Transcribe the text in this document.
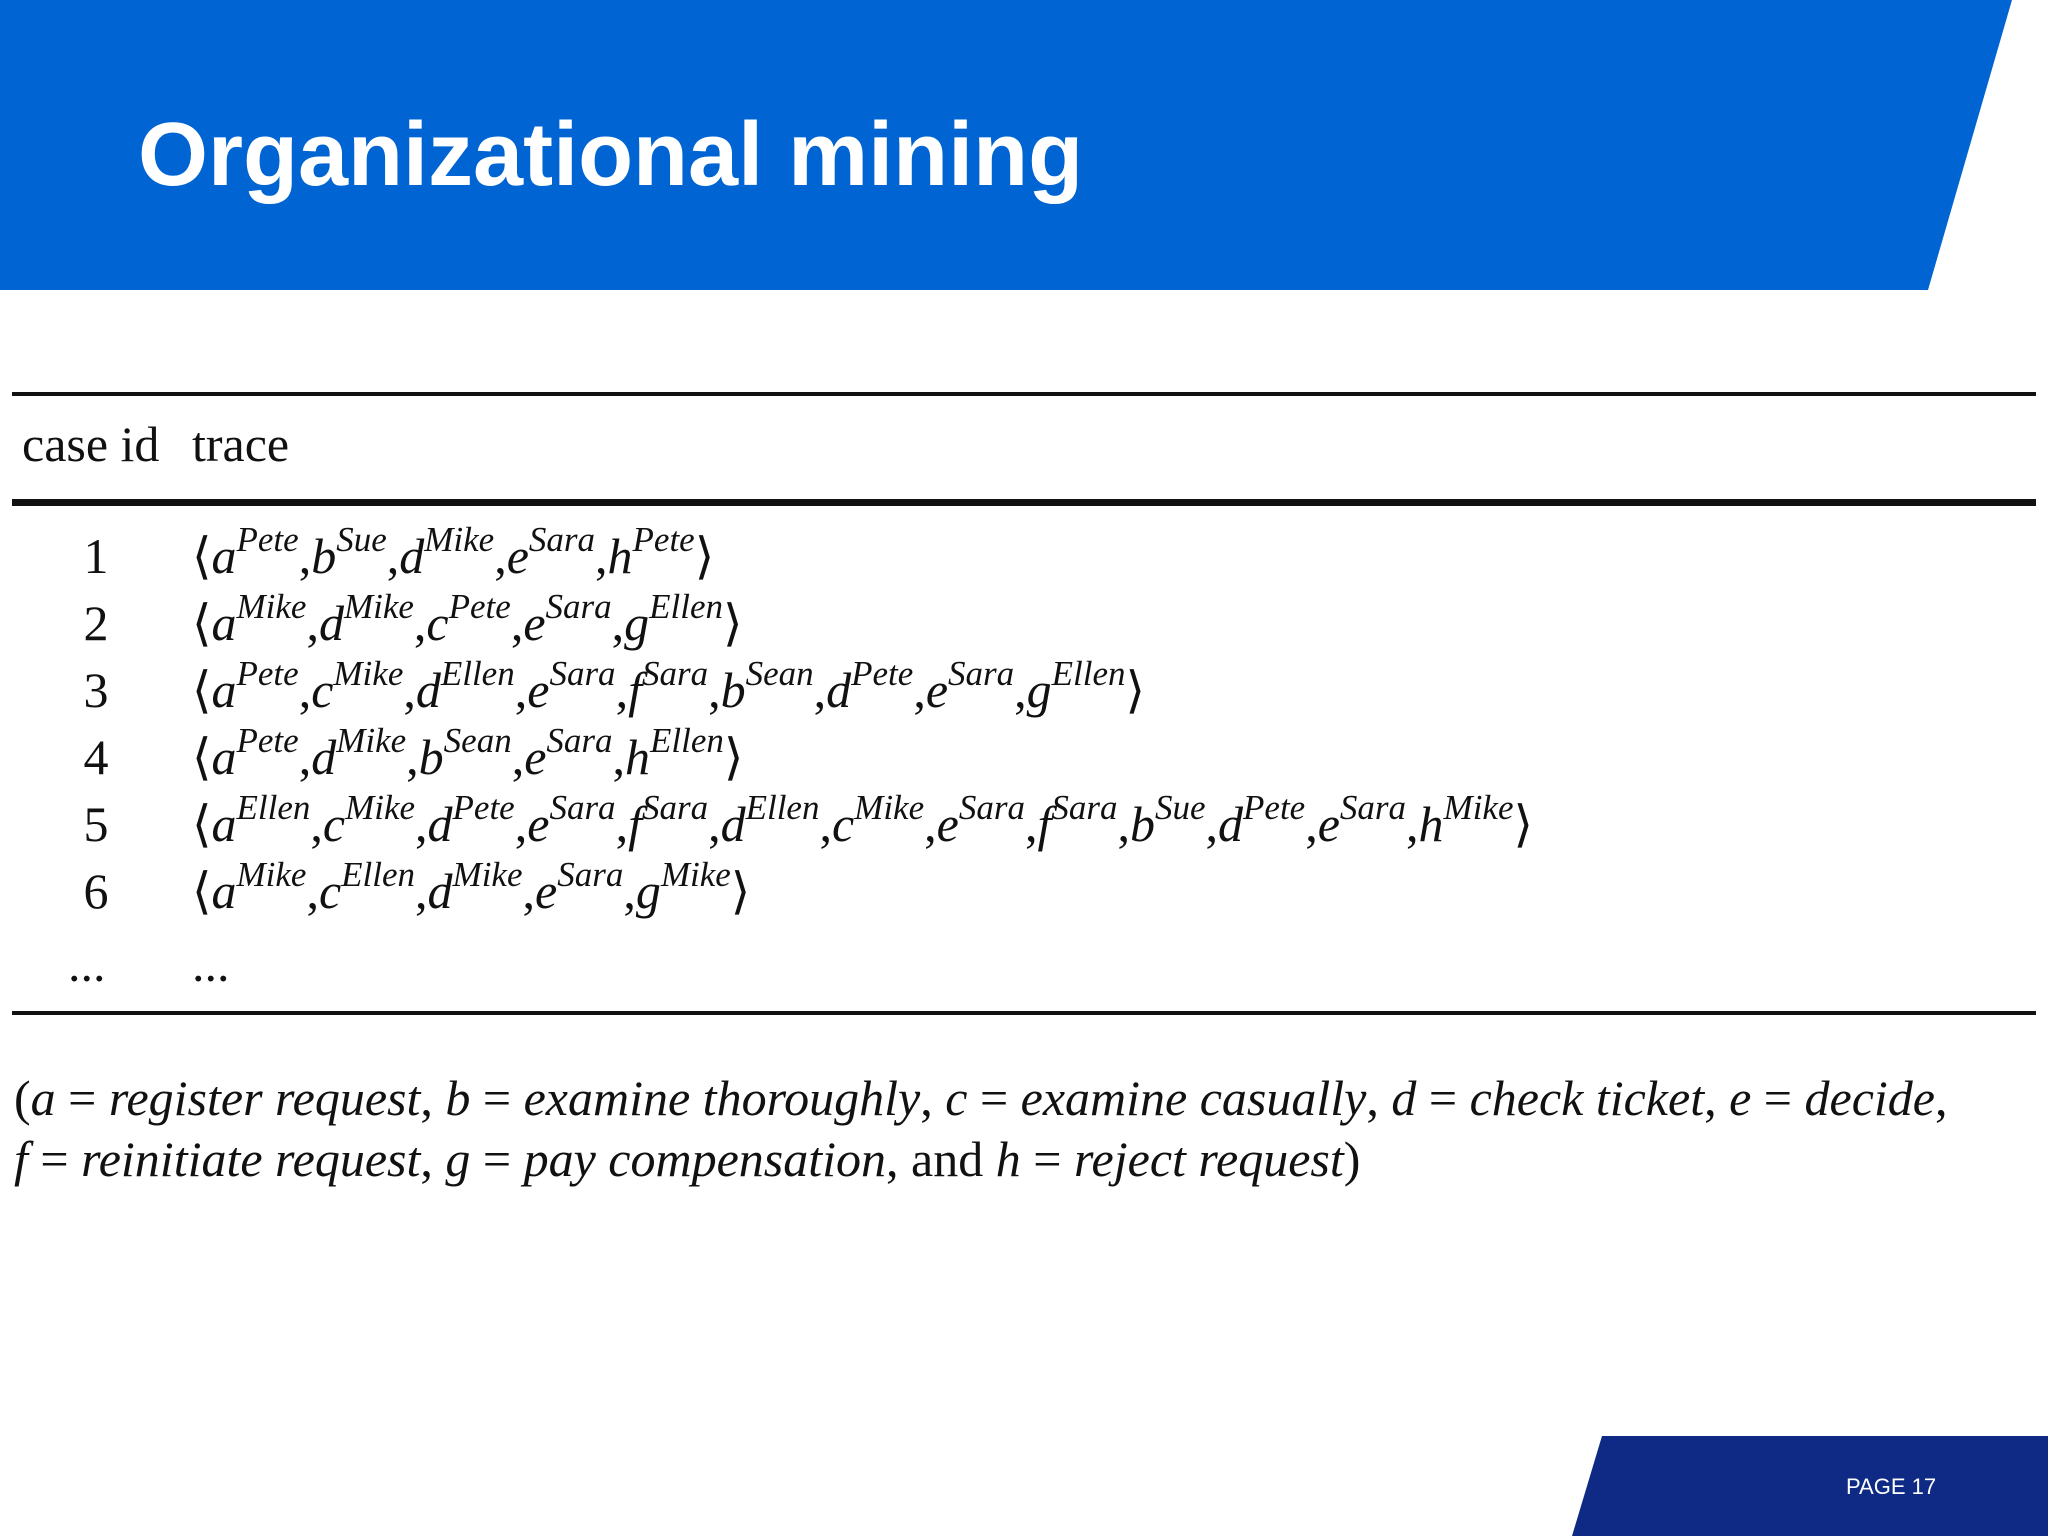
Organizational mining
case id trace
1	$⟨a^{Pete},b^{Sue},d^{Mike},e^{Sara},h^{Pete}⟩$
2	$⟨a^{Mike},d^{Mike},c^{Pete},e^{Sara},g^{Ellen}⟩$
3	$⟨a^{Pete},c^{Mike},d^{Ellen},e^{Sara},f^{Sara},b^{Sean},d^{Pete},e^{Sara},g^{Ellen}⟩$
4	$⟨a^{Pete},d^{Mike},b^{Sean},e^{Sara},h^{Ellen}⟩$
5	$⟨a^{Ellen},c^{Mike},d^{Pete},e^{Sara},f^{Sara},d^{Ellen},c^{Mike},e^{Sara},f^{Sara},b^{Sue},d^{Pete},e^{Sara},h^{Mike}⟩$
6	$⟨a^{Mike},c^{Ellen},d^{Mike},e^{Sara},g^{Mike}⟩$
... ...
(a = register request, b = examine thoroughly, c = examine casually, d = check ticket, e = decide,
f = reinitiate request, g = pay compensation, and h = reject request)
PAGE 17
